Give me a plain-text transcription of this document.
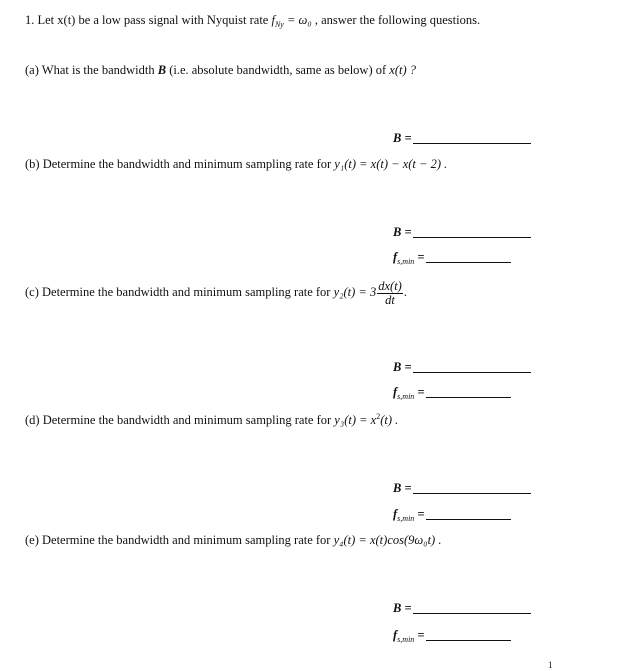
1. Let x(t) be a low pass signal with Nyquist rate $f_{Ny} = \omega_0$ , answer the following questions.
(a) What is the bandwidth B (i.e. absolute bandwidth, same as below) of x(t) ?
B =
(b) Determine the bandwidth and minimum sampling rate for y₁(t) = x(t) − x(t − 2) .
B =
$f_{s,min}$ =
(c) Determine the bandwidth and minimum sampling rate for $y_2(t) = 3 \frac{dx(t)}{dt}$ .
B =
$f_{s,min}$ =
(d) Determine the bandwidth and minimum sampling rate for $y_3(t) = x^2(t)$ .
B =
$f_{s,min}$ =
(e) Determine the bandwidth and minimum sampling rate for y₄(t) = x(t)cos(9ω₀t) .
B =
$f_{s,min}$ =
1
